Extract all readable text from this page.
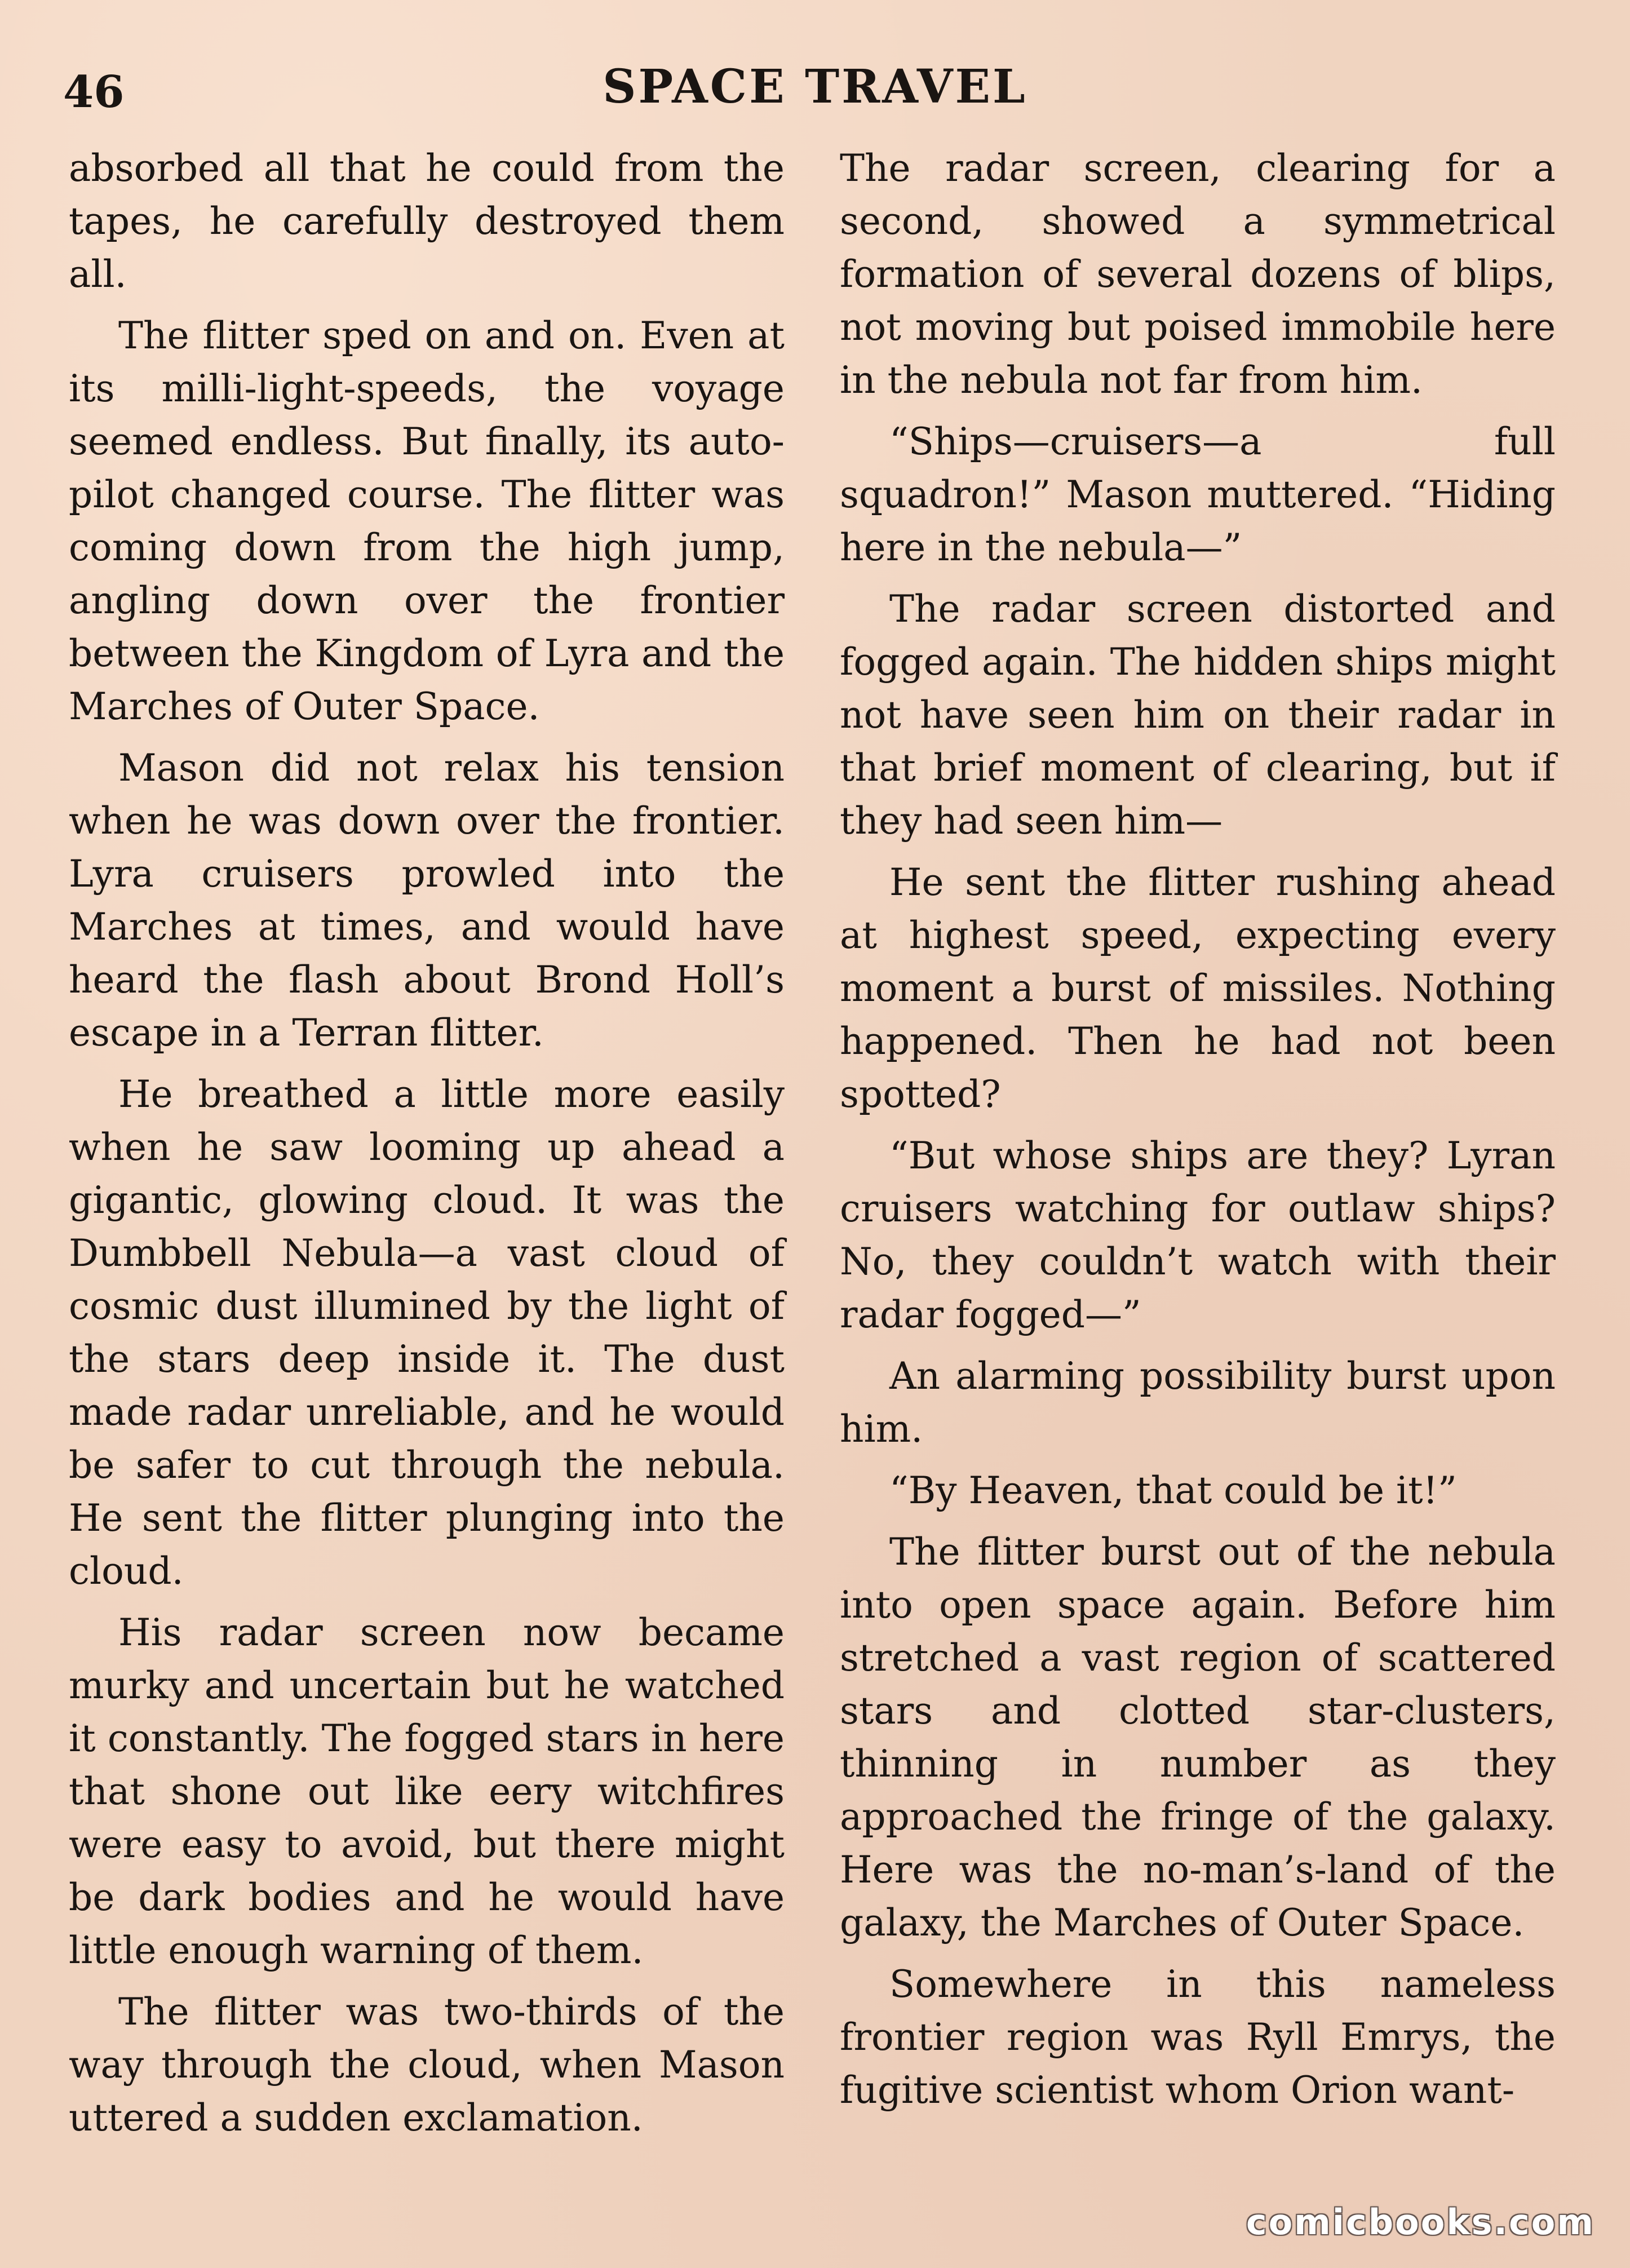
46	SPACE TRAVEL

absorbed all that he could from the tapes, he carefully destroyed them all.

The flitter sped on and on. Even at its milli-light-speeds, the voyage seemed endless. But finally, its auto-pilot changed course. The flitter was coming down from the high jump, angling down over the frontier between the Kingdom of Lyra and the Marches of Outer Space.

Mason did not relax his tension when he was down over the frontier. Lyra cruisers prowled into the Marches at times, and would have heard the flash about Brond Holl’s escape in a Terran flitter.

He breathed a little more easily when he saw looming up ahead a gigantic, glowing cloud. It was the Dumbbell Nebula—a vast cloud of cosmic dust illumined by the light of the stars deep inside it. The dust made radar unreliable, and he would be safer to cut through the nebula. He sent the flitter plunging into the cloud.

His radar screen now became murky and uncertain but he watched it constantly. The fogged stars in here that shone out like eery witchfires were easy to avoid, but there might be dark bodies and he would have little enough warning of them.

The flitter was two-thirds of the way through the cloud, when Mason uttered a sudden exclamation.

The radar screen, clearing for a second, showed a symmetrical formation of several dozens of blips, not moving but poised immobile here in the nebula not far from him.

“Ships—cruisers—a full squadron!” Mason muttered. “Hiding here in the nebula—”

The radar screen distorted and fogged again. The hidden ships might not have seen him on their radar in that brief moment of clearing, but if they had seen him—

He sent the flitter rushing ahead at highest speed, expecting every moment a burst of missiles. Nothing happened. Then he had not been spotted?

“But whose ships are they? Lyran cruisers watching for outlaw ships? No, they couldn’t watch with their radar fogged—”

An alarming possibility burst upon him.

“By Heaven, that could be it!”

The flitter burst out of the nebula into open space again. Before him stretched a vast region of scattered stars and clotted star-clusters, thinning in number as they approached the fringe of the galaxy. Here was the no-man’s-land of the galaxy, the Marches of Outer Space.

Somewhere in this nameless frontier region was Ryll Emrys, the fugitive scientist whom Orion want-

comicbooks.com
